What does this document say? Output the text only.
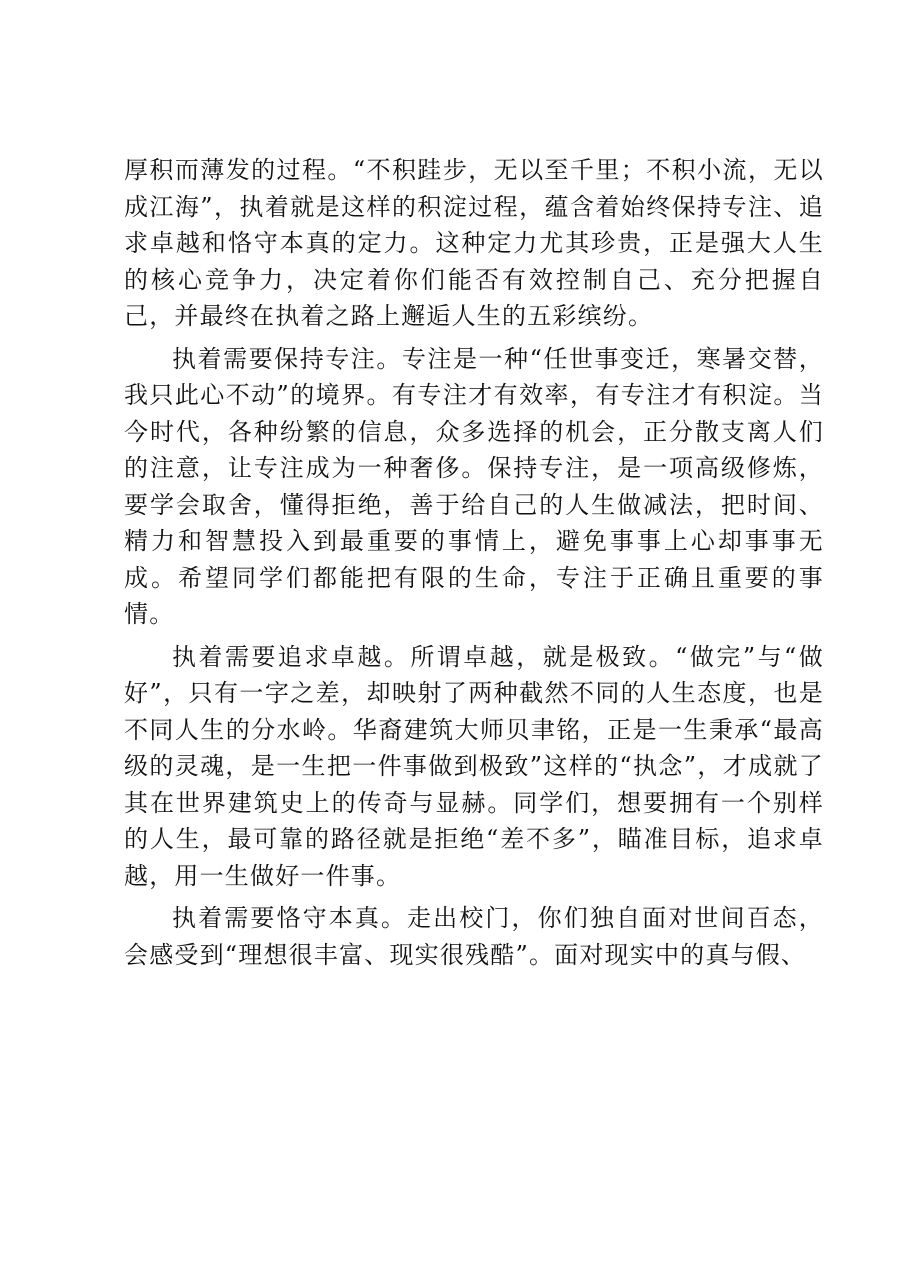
厚积而薄发的过程。“不积跬步，无以至千里；不积小流，无以成江海”，执着就是这样的积淀过程，蕴含着始终保持专注、追求卓越和恪守本真的定力。这种定力尤其珍贵，正是强大人生的核心竞争力，决定着你们能否有效控制自己、充分把握自己，并最终在执着之路上邂逅人生的五彩缤纷。

执着需要保持专注。专注是一种“任世事变迁，寒暑交替，我只此心不动”的境界。有专注才有效率，有专注才有积淀。当今时代，各种纷繁的信息，众多选择的机会，正分散支离人们的注意，让专注成为一种奢侈。保持专注，是一项高级修炼，要学会取舍，懂得拒绝，善于给自己的人生做减法，把时间、精力和智慧投入到最重要的事情上，避免事事上心却事事无成。希望同学们都能把有限的生命，专注于正确且重要的事情。

执着需要追求卓越。所谓卓越，就是极致。“做完”与“做好”，只有一字之差，却映射了两种截然不同的人生态度，也是不同人生的分水岭。华裔建筑大师贝聿铭，正是一生秉承“最高级的灵魂，是一生把一件事做到极致”这样的“执念”，才成就了其在世界建筑史上的传奇与显赫。同学们，想要拥有一个别样的人生，最可靠的路径就是拒绝“差不多”，瞄准目标，追求卓越，用一生做好一件事。

执着需要恪守本真。走出校门，你们独自面对世间百态，会感受到“理想很丰富、现实很残酷”。面对现实中的真与假、
